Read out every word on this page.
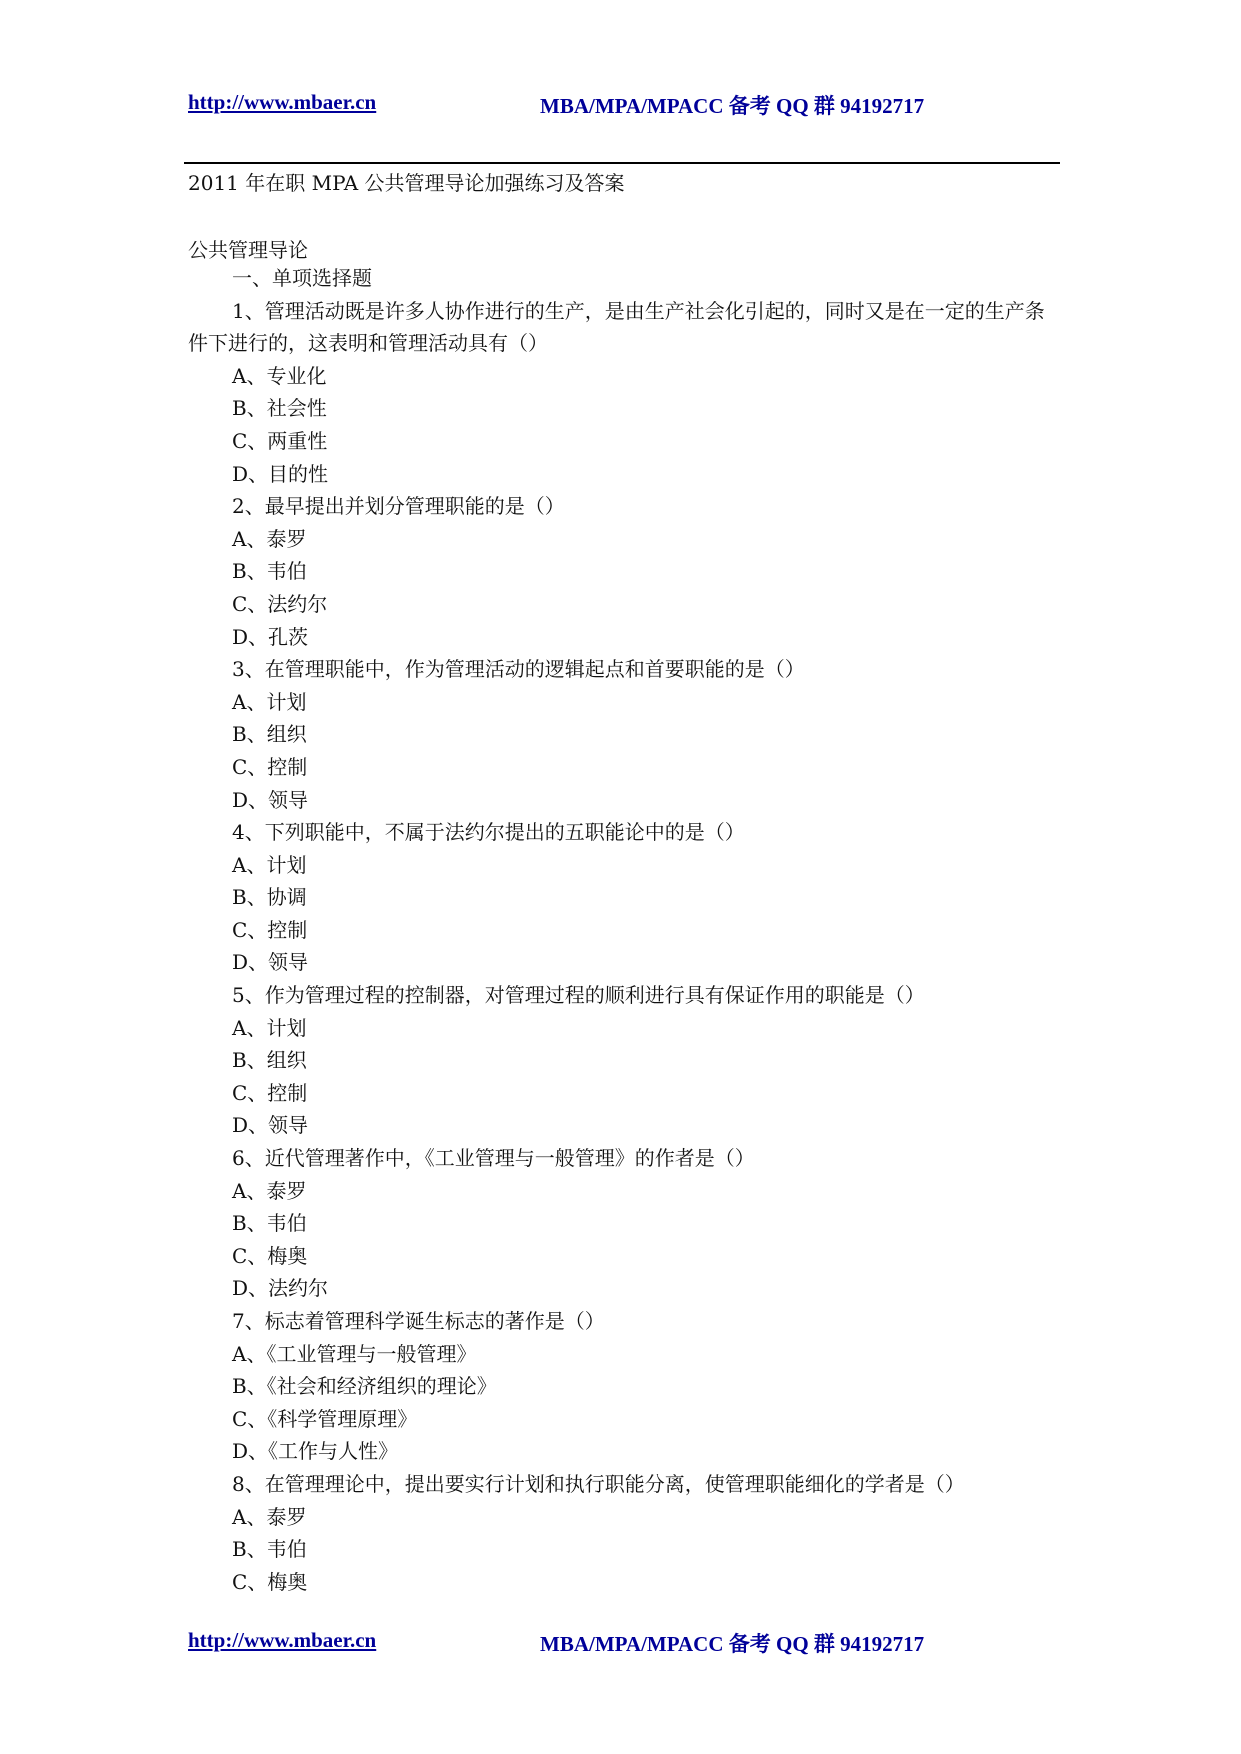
http://www.mbaer.cn	MBA/MPA/MPACC 备考 QQ 群 94192717
2011 年在职 MPA 公共管理导论加强练习及答案
公共管理导论
一、单项选择题
1、管理活动既是许多人协作进行的生产，是由生产社会化引起的，同时又是在一定的生产条件下进行的，这表明和管理活动具有（）
A、专业化
B、社会性
C、两重性
D、目的性
2、最早提出并划分管理职能的是（）
A、泰罗
B、韦伯
C、法约尔
D、孔茨
3、在管理职能中，作为管理活动的逻辑起点和首要职能的是（）
A、计划
B、组织
C、控制
D、领导
4、下列职能中，不属于法约尔提出的五职能论中的是（）
A、计划
B、协调
C、控制
D、领导
5、作为管理过程的控制器，对管理过程的顺利进行具有保证作用的职能是（）
A、计划
B、组织
C、控制
D、领导
6、近代管理著作中，《工业管理与一般管理》的作者是（）
A、泰罗
B、韦伯
C、梅奥
D、法约尔
7、标志着管理科学诞生标志的著作是（）
A、《工业管理与一般管理》
B、《社会和经济组织的理论》
C、《科学管理原理》
D、《工作与人性》
8、在管理理论中，提出要实行计划和执行职能分离，使管理职能细化的学者是（）
A、泰罗
B、韦伯
C、梅奥
http://www.mbaer.cn	MBA/MPA/MPACC 备考 QQ 群 94192717
